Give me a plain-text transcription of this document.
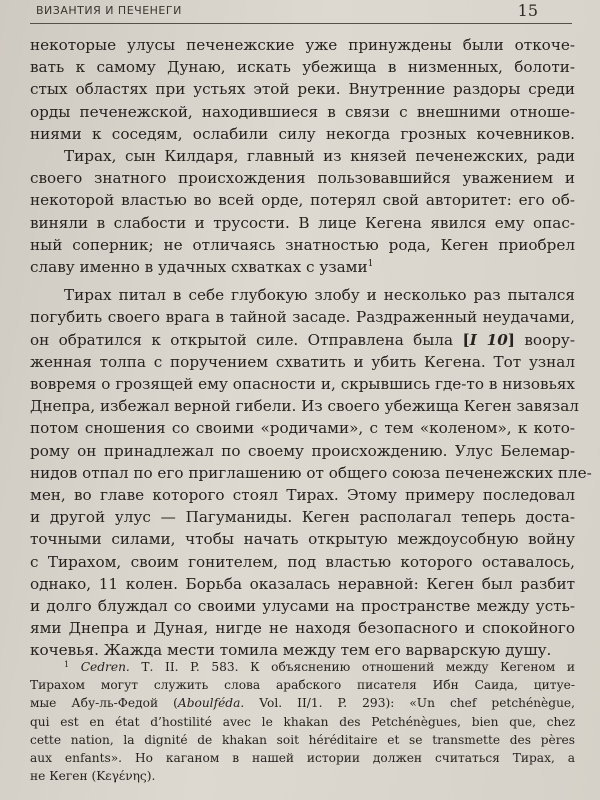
ВИЗАНТИЯ И ПЕЧЕНЕГИ	15
некоторые улусы печенежские уже принуждены были откоче-
вать к самому Дунаю, искать убежища в низменных, болоти-
стых областях при устьях этой реки. Внутренние раздоры среди
орды печенежской, находившиеся в связи с внешними отноше-
ниями к соседям, ослабили силу некогда грозных кочевников.
Тирах, сын Килдаря, главный из князей печенежских, ради
своего знатного происхождения пользовавшийся уважением и
некоторой властью во всей орде, потерял свой авторитет: его об-
виняли в слабости и трусости. В лице Кегена явился ему опас-
ный соперник; не отличаясь знатностью рода, Кеген приобрел
славу именно в удачных схватках с узами$^1$
Тирах питал в себе глубокую злобу и несколько раз пытался
погубить своего врага в тайной засаде. Раздраженный неудачами,
он обратился к открытой силе. Отправлена была [I 10] воору-
женная толпа с поручением схватить и убить Кегена. Тот узнал
вовремя о грозящей ему опасности и, скрывшись где-то в низовьях
Днепра, избежал верной гибели. Из своего убежища Кеген завязал
потом сношения со своими «родичами», с тем «коленом», к кото-
рому он принадлежал по своему происхождению. Улус Белемар-
нидов отпал по его приглашению от общего союза печенежских пле-
мен, во главе которого стоял Тирах. Этому примеру последовал
и другой улус — Пагуманиды. Кеген располагал теперь доста-
точными силами, чтобы начать открытую междоусобную войну
с Тирахом, своим гонителем, под властью которого оставалось,
однако, 11 колен. Борьба оказалась неравной: Кеген был разбит
и долго блуждал со своими улусами на пространстве между усть-
ями Днепра и Дуная, нигде не находя безопасного и спокойного
кочевья. Жажда мести томила между тем его варварскую душу.
$^1$ Cedren. Т. II. P. 583. К объяснению отношений между Кегеном и
Тирахом могут служить слова арабского писателя Ибн Саида, цитуе-
мые Абу-ль-Федой (Aboulféda. Vol. II/1. P. 293): «Un chef petchénègue,
qui est en état d’hostilité avec le khakan des Petchénègues, bien que, chez
cette nation, la dignité de khakan soit héréditaire et se transmette des pères
aux enfants». Но каганом в нашей истории должен считаться Тирах, а
не Кеген (Κεγένης).
